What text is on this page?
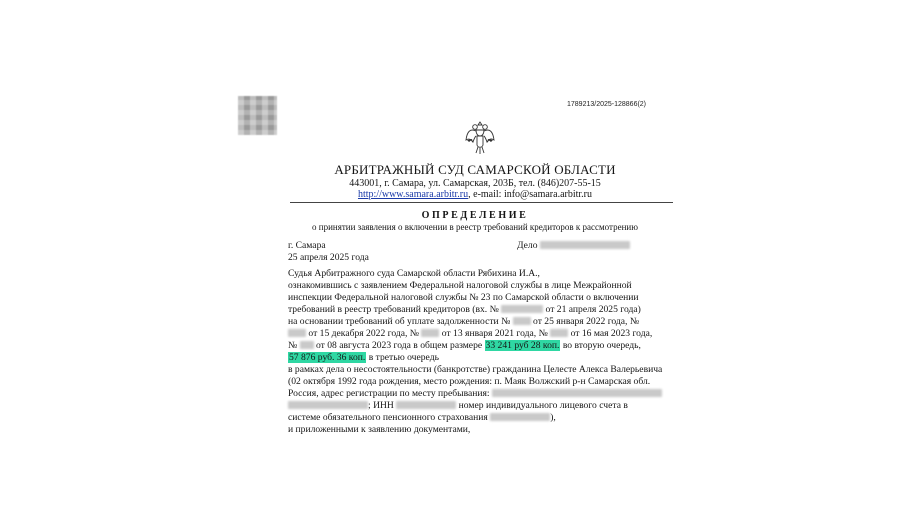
1789213/2025-128866(2)
АРБИТРАЖНЫЙ СУД САМАРСКОЙ ОБЛАСТИ
443001, г. Самара, ул. Самарская, 203Б, тел. (846)207-55-15
http://www.samara.arbitr.ru, e-mail: info@samara.arbitr.ru
ОПРЕДЕЛЕНИЕ
о принятии заявления о включении в реестр требований кредиторов к рассмотрению
г. Самара	Дело
25 апреля 2025 года
Судья Арбитражного суда Самарской области Рябихина И.А.,
ознакомившись с заявлением Федеральной налоговой службы в лице Межрайонной
инспекции Федеральной налоговой службы № 23 по Самарской области о включении
требований в реестр требований кредиторов (вх. №	от 21 апреля 2025 года)
на основании требований об уплате задолженности № от 25 января 2022 года, №
от 15 декабря 2022 года, № от 13 января 2021 года, № от 16 мая 2023 года,
№ от 08 августа 2023 года в общем размере 33 241 руб 28 коп. во вторую очередь,
57 876 руб. 36 коп. в третью очередь
в рамках дела о несостоятельности (банкротстве) гражданина Целесте Алекса Валерьевича
(02 октября 1992 года рождения, место рождения: п. Маяк Волжский р-н Самарская обл.
Россия, адрес регистрации по месту пребывания:
; ИНН	номер индивидуального лицевого счета в
системе обязательного пенсионного страхования	),
и приложенными к заявлению документами,
